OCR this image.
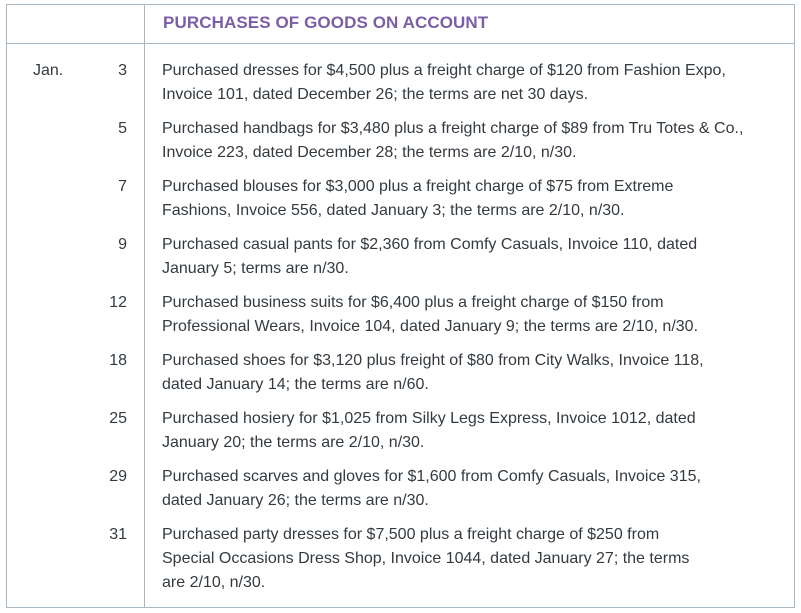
PURCHASES OF GOODS ON ACCOUNT
Jan.	3 Purchased dresses for $4,500 plus a freight charge of $120 from Fashion Expo,
Invoice 101, dated December 26; the terms are net 30 days.
5 Purchased handbags for $3,480 plus a freight charge of $89 from Tru Totes & Co.,
Invoice 223, dated December 28; the terms are 2/10, n/30.
7 Purchased blouses for $3,000 plus a freight charge of $75 from Extreme
Fashions, Invoice 556, dated January 3; the terms are 2/10, n/30.
9 Purchased casual pants for $2,360 from Comfy Casuals, Invoice 110, dated
January 5; terms are n/30.
12 Purchased business suits for $6,400 plus a freight charge of $150 from
Professional Wears, Invoice 104, dated January 9; the terms are 2/10, n/30.
18 Purchased shoes for $3,120 plus freight of $80 from City Walks, Invoice 118,
dated January 14; the terms are n/60.
25 Purchased hosiery for $1,025 from Silky Legs Express, Invoice 1012, dated
January 20; the terms are 2/10, n/30.
29 Purchased scarves and gloves for $1,600 from Comfy Casuals, Invoice 315,
dated January 26; the terms are n/30.
31 Purchased party dresses for $7,500 plus a freight charge of $250 from
Special Occasions Dress Shop, Invoice 1044, dated January 27; the terms
are 2/10, n/30.
